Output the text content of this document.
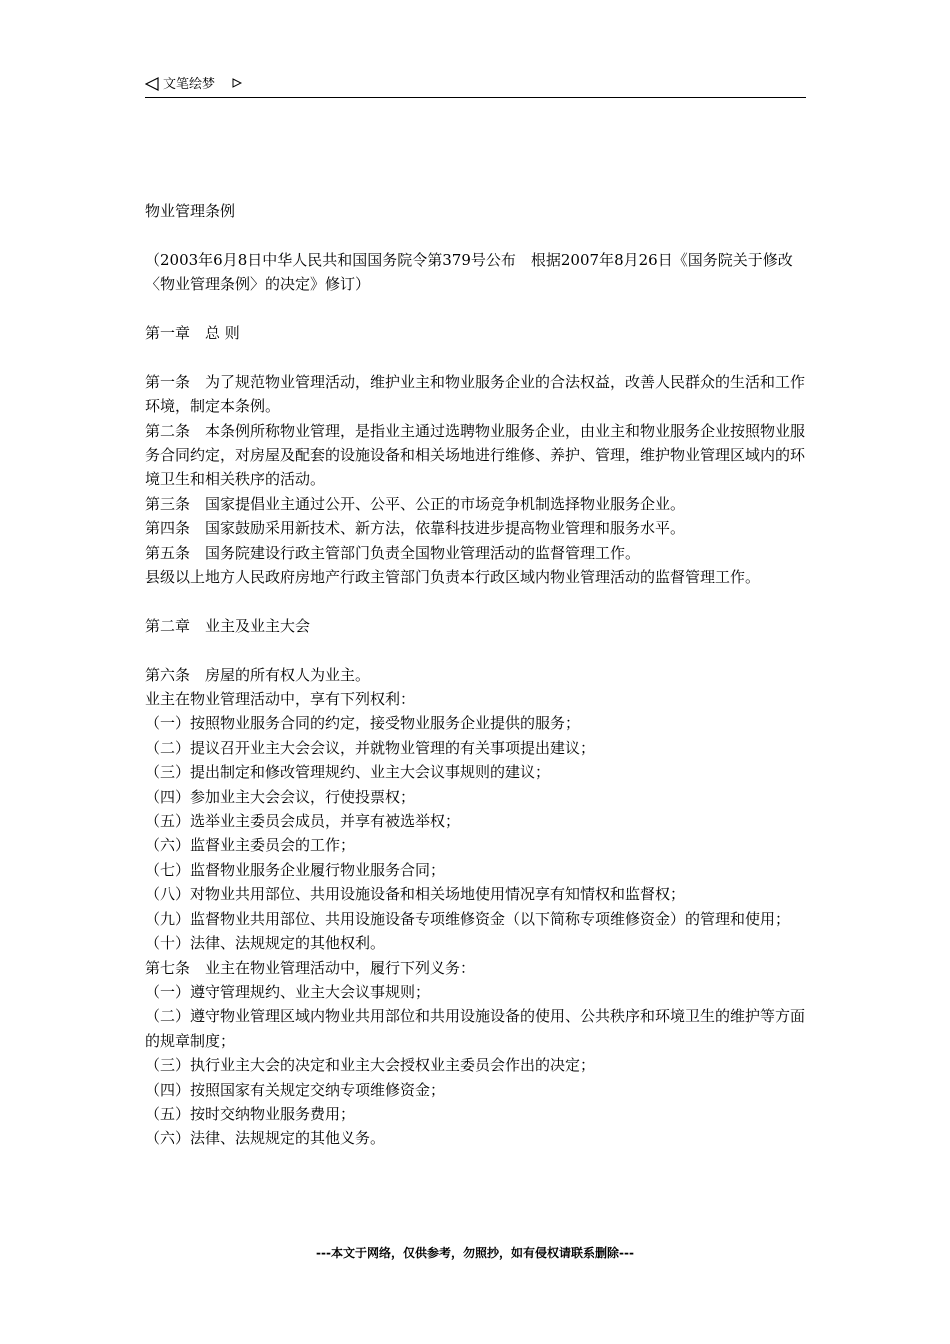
文笔绘梦

物业管理条例

（2003年6月8日中华人民共和国国务院令第379号公布　根据2007年8月26日《国务院关于修改〈物业管理条例〉的决定》修订）

第一章　总 则

第一条　为了规范物业管理活动，维护业主和物业服务企业的合法权益，改善人民群众的生活和工作环境，制定本条例。

第二条　本条例所称物业管理，是指业主通过选聘物业服务企业，由业主和物业服务企业按照物业服务合同约定，对房屋及配套的设施设备和相关场地进行维修、养护、管理，维护物业管理区域内的环境卫生和相关秩序的活动。

第三条　国家提倡业主通过公开、公平、公正的市场竞争机制选择物业服务企业。

第四条　国家鼓励采用新技术、新方法，依靠科技进步提高物业管理和服务水平。

第五条　国务院建设行政主管部门负责全国物业管理活动的监督管理工作。

县级以上地方人民政府房地产行政主管部门负责本行政区域内物业管理活动的监督管理工作。

第二章　业主及业主大会

第六条　房屋的所有权人为业主。

业主在物业管理活动中，享有下列权利：

（一）按照物业服务合同的约定，接受物业服务企业提供的服务；

（二）提议召开业主大会会议，并就物业管理的有关事项提出建议；

（三）提出制定和修改管理规约、业主大会议事规则的建议；

（四）参加业主大会会议，行使投票权；

（五）选举业主委员会成员，并享有被选举权；

（六）监督业主委员会的工作；

（七）监督物业服务企业履行物业服务合同；

（八）对物业共用部位、共用设施设备和相关场地使用情况享有知情权和监督权；

（九）监督物业共用部位、共用设施设备专项维修资金（以下简称专项维修资金）的管理和使用；

（十）法律、法规规定的其他权利。

第七条　业主在物业管理活动中，履行下列义务：

（一）遵守管理规约、业主大会议事规则；

（二）遵守物业管理区域内物业共用部位和共用设施设备的使用、公共秩序和环境卫生的维护等方面的规章制度；

（三）执行业主大会的决定和业主大会授权业主委员会作出的决定；

（四）按照国家有关规定交纳专项维修资金；

（五）按时交纳物业服务费用；

（六）法律、法规规定的其他义务。

---本文于网络，仅供参考，勿照抄，如有侵权请联系删除---
